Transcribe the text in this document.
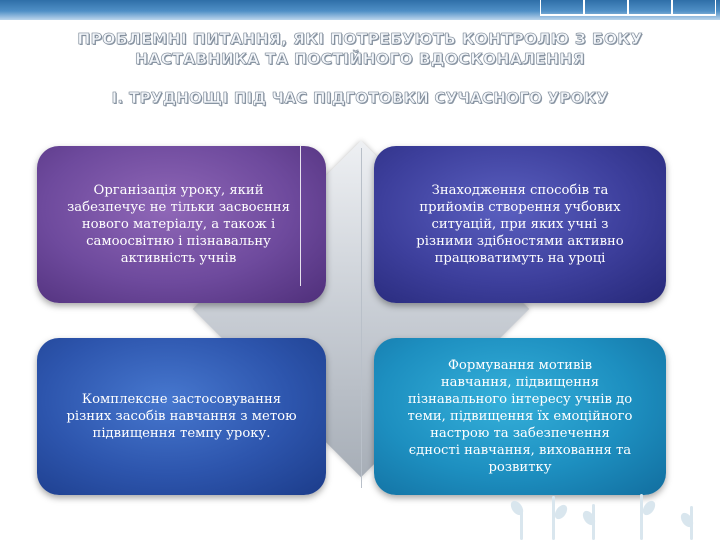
ПРОБЛЕМНІ ПИТАННЯ, ЯКІ ПОТРЕБУЮТЬ КОНТРОЛЮ З БОКУ
НАСТАВНИКА ТА ПОСТІЙНОГО ВДОСКОНАЛЕННЯ
І. ТРУДНОЩІ ПІД ЧАС ПІДГОТОВКИ СУЧАСНОГО УРОКУ
Організація уроку, який
забезпечує не тільки засвоєння
нового матеріалу, а також і
самоосвітню і пізнавальну
активність учнів
Знаходження способів та
прийомів створення учбових
ситуацій, при яких учні з
різними здібностями активно
працюватимуть на уроці
Комплексне застосовування
різних засобів навчання з метою
підвищення темпу уроку.
Формування мотивів
навчання, підвищення
пізнавального інтересу учнів до
теми, підвищення їх емоційного
настрою та забезпечення
єдності навчання, виховання та
розвитку
